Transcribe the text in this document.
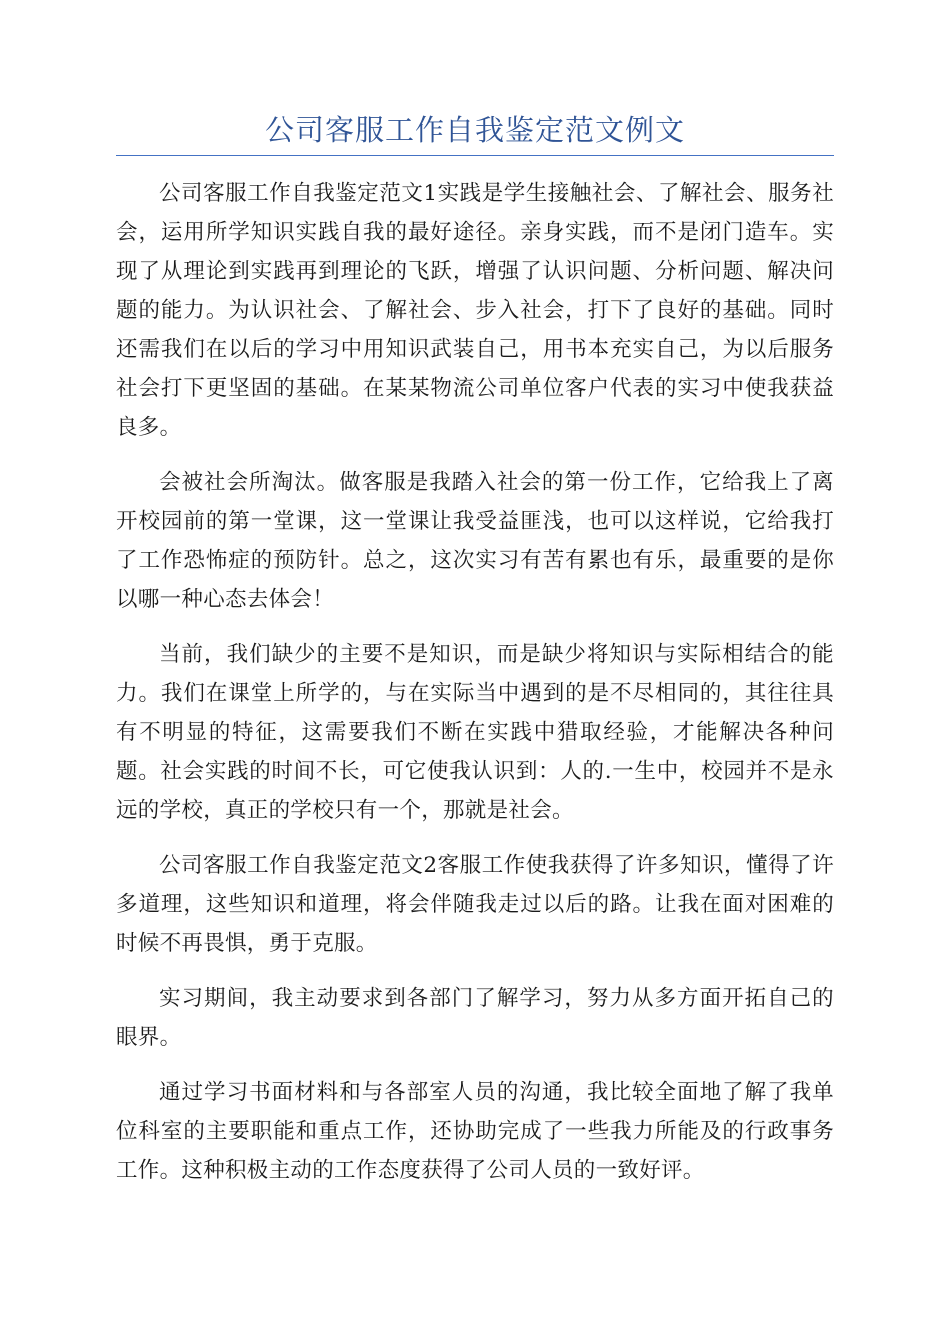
公司客服工作自我鉴定范文例文

公司客服工作自我鉴定范文1实践是学生接触社会、了解社会、服务社会，运用所学知识实践自我的最好途径。亲身实践，而不是闭门造车。实现了从理论到实践再到理论的飞跃，增强了认识问题、分析问题、解决问题的能力。为认识社会、了解社会、步入社会，打下了良好的基础。同时还需我们在以后的学习中用知识武装自己，用书本充实自己，为以后服务社会打下更坚固的基础。在某某物流公司单位客户代表的实习中使我获益良多。

会被社会所淘汰。做客服是我踏入社会的第一份工作，它给我上了离开校园前的第一堂课，这一堂课让我受益匪浅，也可以这样说，它给我打了工作恐怖症的预防针。总之，这次实习有苦有累也有乐，最重要的是你以哪一种心态去体会！

当前，我们缺少的主要不是知识，而是缺少将知识与实际相结合的能力。我们在课堂上所学的，与在实际当中遇到的是不尽相同的，其往往具有不明显的特征，这需要我们不断在实践中猎取经验，才能解决各种问题。社会实践的时间不长，可它使我认识到：人的.一生中，校园并不是永远的学校，真正的学校只有一个，那就是社会。

公司客服工作自我鉴定范文2客服工作使我获得了许多知识，懂得了许多道理，这些知识和道理，将会伴随我走过以后的路。让我在面对困难的时候不再畏惧，勇于克服。

实习期间，我主动要求到各部门了解学习，努力从多方面开拓自己的眼界。

通过学习书面材料和与各部室人员的沟通，我比较全面地了解了我单位科室的主要职能和重点工作，还协助完成了一些我力所能及的行政事务工作。这种积极主动的工作态度获得了公司人员的一致好评。
